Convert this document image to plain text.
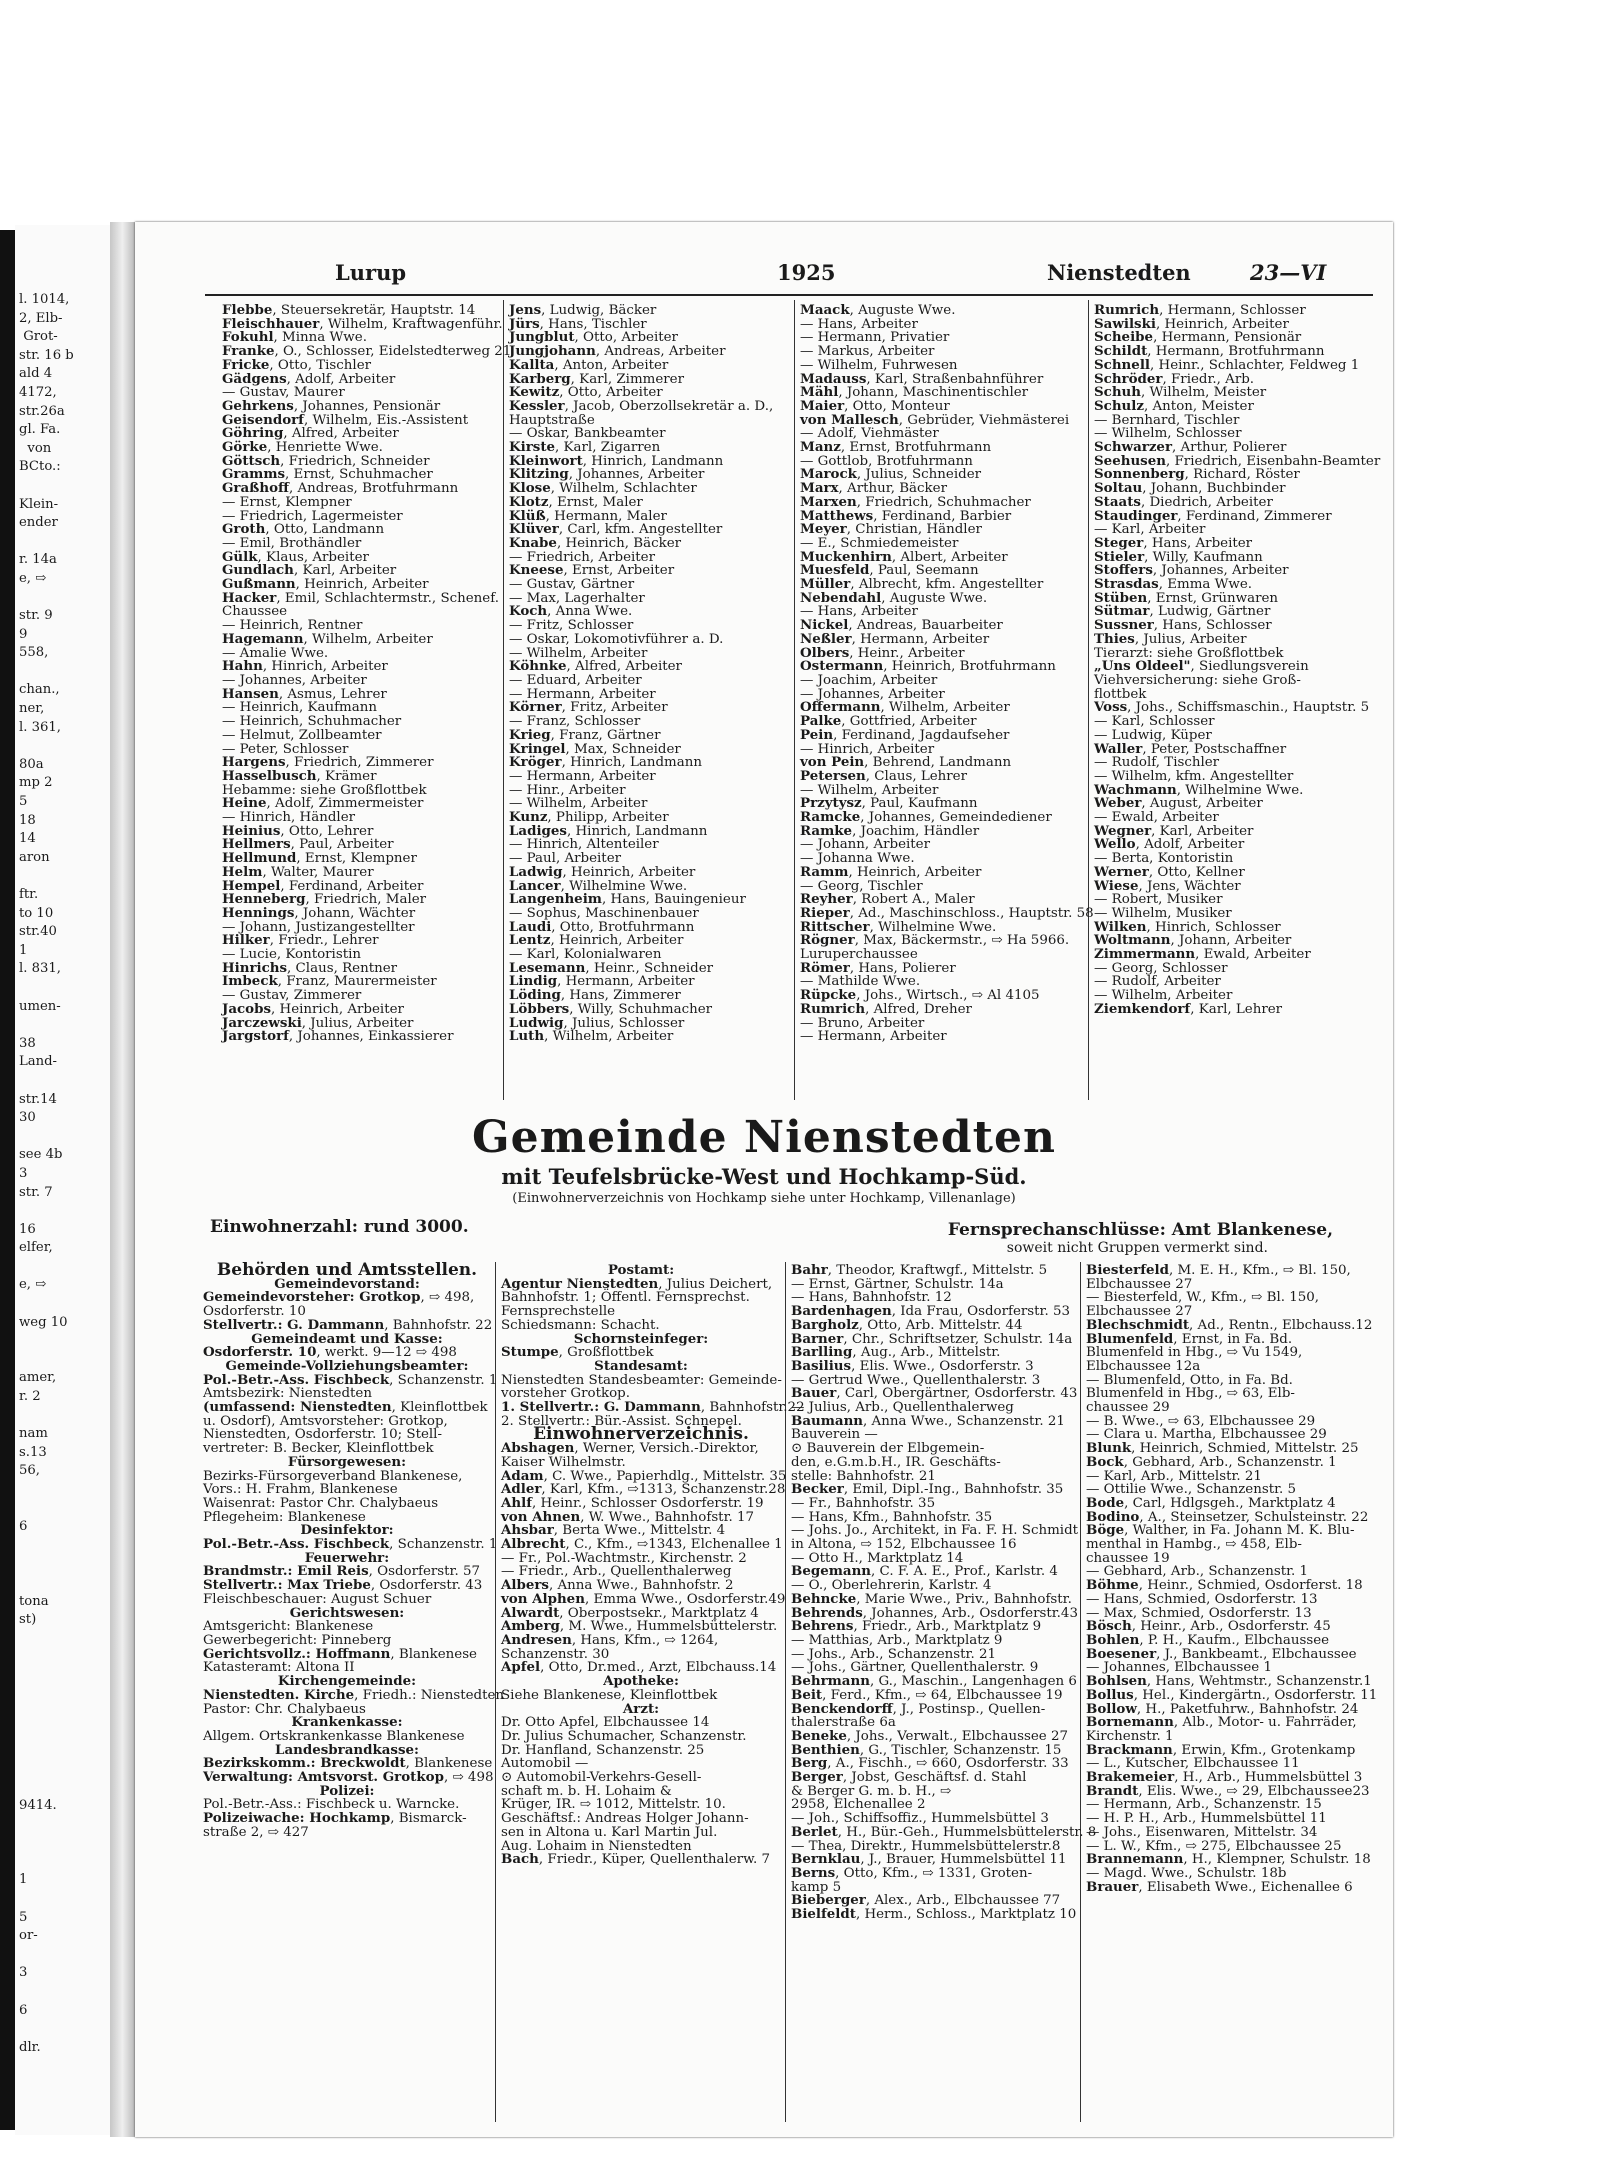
l. 1014,
2, Elb-
Grot-
str. 16 b
ald 4
4172,
str.26a
gl. Fa.
von
BCto.:

Klein-
ender

r. 14a
e, ⇨

str. 9
9
558,

chan.,
ner,
l. 361,

80a
mp 2
5
18
14
aron

ftr.
to 10
str.40
1
l. 831,

umen-

38
Land-

str.14
30

see 4b
3
str. 7

16
elfer,

e, ⇨

weg 10

amer,
r. 2

nam
s.13
56,

6

tona
st)

9414.

1

5
or-

3

6

dlr.
Lurup	1925	Nienstedten	23—VI
Flebbe, Steuersekretär, Hauptstr. 14
Fleischhauer, Wilhelm, Kraftwagenführ.
Fokuhl, Minna Wwe.
Franke, O., Schlosser, Eidelstedterweg 21
Fricke, Otto, Tischler
Gädgens, Adolf, Arbeiter
— Gustav, Maurer
Gehrkens, Johannes, Pensionär
Geisendorf, Wilhelm, Eis.-Assistent
Göhring, Alfred, Arbeiter
Görke, Henriette Wwe.
Göttsch, Friedrich, Schneider
Gramms, Ernst, Schuhmacher
Graßhoff, Andreas, Brotfuhrmann
— Ernst, Klempner
— Friedrich, Lagermeister
Groth, Otto, Landmann
— Emil, Brothändler
Gülk, Klaus, Arbeiter
Gundlach, Karl, Arbeiter
Gußmann, Heinrich, Arbeiter
Hacker, Emil, Schlachtermstr., Schenef.
Chaussee
— Heinrich, Rentner
Hagemann, Wilhelm, Arbeiter
— Amalie Wwe.
Hahn, Hinrich, Arbeiter
— Johannes, Arbeiter
Hansen, Asmus, Lehrer
— Heinrich, Kaufmann
— Heinrich, Schuhmacher
— Helmut, Zollbeamter
— Peter, Schlosser
Hargens, Friedrich, Zimmerer
Hasselbusch, Krämer
Hebamme: siehe Großflottbek
Heine, Adolf, Zimmermeister
— Hinrich, Händler
Heinius, Otto, Lehrer
Hellmers, Paul, Arbeiter
Hellmund, Ernst, Klempner
Helm, Walter, Maurer
Hempel, Ferdinand, Arbeiter
Henneberg, Friedrich, Maler
Hennings, Johann, Wächter
— Johann, Justizangestellter
Hilker, Friedr., Lehrer
— Lucie, Kontoristin
Hinrichs, Claus, Rentner
Imbeck, Franz, Maurermeister
— Gustav, Zimmerer
Jacobs, Heinrich, Arbeiter
Jarczewski, Julius, Arbeiter
Jargstorf, Johannes, Einkassierer
Jens, Ludwig, Bäcker
Jürs, Hans, Tischler
Jungblut, Otto, Arbeiter
Jungjohann, Andreas, Arbeiter
Kallta, Anton, Arbeiter
Karberg, Karl, Zimmerer
Kewitz, Otto, Arbeiter
Kessler, Jacob, Oberzollsekretär a. D.,
Hauptstraße
— Oskar, Bankbeamter
Kirste, Karl, Zigarren
Kleinwort, Hinrich, Landmann
Klitzing, Johannes, Arbeiter
Klose, Wilhelm, Schlachter
Klotz, Ernst, Maler
Klüß, Hermann, Maler
Klüver, Carl, kfm. Angestellter
Knabe, Heinrich, Bäcker
— Friedrich, Arbeiter
Kneese, Ernst, Arbeiter
— Gustav, Gärtner
— Max, Lagerhalter
Koch, Anna Wwe.
— Fritz, Schlosser
— Oskar, Lokomotivführer a. D.
— Wilhelm, Arbeiter
Köhnke, Alfred, Arbeiter
— Eduard, Arbeiter
— Hermann, Arbeiter
Körner, Fritz, Arbeiter
— Franz, Schlosser
Krieg, Franz, Gärtner
Kringel, Max, Schneider
Kröger, Hinrich, Landmann
— Hermann, Arbeiter
— Hinr., Arbeiter
— Wilhelm, Arbeiter
Kunz, Philipp, Arbeiter
Ladiges, Hinrich, Landmann
— Hinrich, Altenteiler
— Paul, Arbeiter
Ladwig, Heinrich, Arbeiter
Lancer, Wilhelmine Wwe.
Langenheim, Hans, Bauingenieur
— Sophus, Maschinenbauer
Laudi, Otto, Brotfuhrmann
Lentz, Heinrich, Arbeiter
— Karl, Kolonialwaren
Lesemann, Heinr., Schneider
Lindig, Hermann, Arbeiter
Löding, Hans, Zimmerer
Löbbers, Willy, Schuhmacher
Ludwig, Julius, Schlosser
Luth, Wilhelm, Arbeiter
Maack, Auguste Wwe.
— Hans, Arbeiter
— Hermann, Privatier
— Markus, Arbeiter
— Wilhelm, Fuhrwesen
Madauss, Karl, Straßenbahnführer
Mähl, Johann, Maschinentischler
Maier, Otto, Monteur
von Mallesch, Gebrüder, Viehmästerei
— Adolf, Viehmäster
Manz, Ernst, Brotfuhrmann
— Gottlob, Brotfuhrmann
Marock, Julius, Schneider
Marx, Arthur, Bäcker
Marxen, Friedrich, Schuhmacher
Matthews, Ferdinand, Barbier
Meyer, Christian, Händler
— E., Schmiedemeister
Muckenhirn, Albert, Arbeiter
Muesfeld, Paul, Seemann
Müller, Albrecht, kfm. Angestellter
Nebendahl, Auguste Wwe.
— Hans, Arbeiter
Nickel, Andreas, Bauarbeiter
Neßler, Hermann, Arbeiter
Olbers, Heinr., Arbeiter
Ostermann, Heinrich, Brotfuhrmann
— Joachim, Arbeiter
— Johannes, Arbeiter
Offermann, Wilhelm, Arbeiter
Palke, Gottfried, Arbeiter
Pein, Ferdinand, Jagdaufseher
— Hinrich, Arbeiter
von Pein, Behrend, Landmann
Petersen, Claus, Lehrer
— Wilhelm, Arbeiter
Przytysz, Paul, Kaufmann
Ramcke, Johannes, Gemeindediener
Ramke, Joachim, Händler
— Johann, Arbeiter
— Johanna Wwe.
Ramm, Heinrich, Arbeiter
— Georg, Tischler
Reyher, Robert A., Maler
Rieper, Ad., Maschinschloss., Hauptstr. 58
Rittscher, Wilhelmine Wwe.
Rögner, Max, Bäckermstr., ⇨ Ha 5966.
Luruperchaussee
Römer, Hans, Polierer
— Mathilde Wwe.
Rüpcke, Johs., Wirtsch., ⇨ Al 4105
Rumrich, Alfred, Dreher
— Bruno, Arbeiter
— Hermann, Arbeiter
Rumrich, Hermann, Schlosser
Sawilski, Heinrich, Arbeiter
Scheibe, Hermann, Pensionär
Schildt, Hermann, Brotfuhrmann
Schnell, Heinr., Schlachter, Feldweg 1
Schröder, Friedr., Arb.
Schuh, Wilhelm, Meister
Schulz, Anton, Meister
— Bernhard, Tischler
— Wilhelm, Schlosser
Schwarzer, Arthur, Polierer
Seehusen, Friedrich, Eisenbahn-Beamter
Sonnenberg, Richard, Röster
Soltau, Johann, Buchbinder
Staats, Diedrich, Arbeiter
Staudinger, Ferdinand, Zimmerer
— Karl, Arbeiter
Steger, Hans, Arbeiter
Stieler, Willy, Kaufmann
Stoffers, Johannes, Arbeiter
Strasdas, Emma Wwe.
Stüben, Ernst, Grünwaren
Sütmar, Ludwig, Gärtner
Sussner, Hans, Schlosser
Thies, Julius, Arbeiter
Tierarzt: siehe Großflottbek
„Uns Oldeel", Siedlungsverein
Viehversicherung: siehe Groß-
flottbek
Voss, Johs., Schiffsmaschin., Hauptstr. 5
— Karl, Schlosser
— Ludwig, Küper
Waller, Peter, Postschaffner
— Rudolf, Tischler
— Wilhelm, kfm. Angestellter
Wachmann, Wilhelmine Wwe.
Weber, August, Arbeiter
— Ewald, Arbeiter
Wegner, Karl, Arbeiter
Wello, Adolf, Arbeiter
— Berta, Kontoristin
Werner, Otto, Kellner
Wiese, Jens, Wächter
— Robert, Musiker
— Wilhelm, Musiker
Wilken, Hinrich, Schlosser
Woltmann, Johann, Arbeiter
Zimmermann, Ewald, Arbeiter
— Georg, Schlosser
— Rudolf, Arbeiter
— Wilhelm, Arbeiter
Ziemkendorf, Karl, Lehrer
Gemeinde Nienstedten
mit Teufelsbrücke-West und Hochkamp-Süd.
(Einwohnerverzeichnis von Hochkamp siehe unter Hochkamp, Villenanlage)
Einwohnerzahl: rund 3000.	Fernsprechanschlüsse: Amt Blankenese,
soweit nicht Gruppen vermerkt sind.
Behörden und Amtsstellen.
Gemeindevorstand:
Gemeindevorsteher: Grotkop, ⇨ 498,
Osdorferstr. 10
Stellvertr.: G. Dammann, Bahnhofstr. 22
Gemeindeamt und Kasse:
Osdorferstr. 10, werkt. 9—12 ⇨ 498
Gemeinde-Vollziehungsbeamter:
Pol.-Betr.-Ass. Fischbeck, Schanzenstr. 1
Amtsbezirk: Nienstedten
(umfassend: Nienstedten, Kleinflottbek
u. Osdorf), Amtsvorsteher: Grotkop,
Nienstedten, Osdorferstr. 10; Stell-
vertreter: B. Becker, Kleinflottbek
Fürsorgewesen:
Bezirks-Fürsorgeverband Blankenese,
Vors.: H. Frahm, Blankenese
Waisenrat: Pastor Chr. Chalybaeus
Pflegeheim: Blankenese
Desinfektor:
Pol.-Betr.-Ass. Fischbeck, Schanzenstr. 1
Feuerwehr:
Brandmstr.: Emil Reis, Osdorferstr. 57
Stellvertr.: Max Triebe, Osdorferstr. 43
Fleischbeschauer: August Schuer
Gerichtswesen:
Amtsgericht: Blankenese
Gewerbegericht: Pinneberg
Gerichtsvollz.: Hoffmann, Blankenese
Katasteramt: Altona II
Kirchengemeinde:
Nienstedten. Kirche, Friedh.: Nienstedten
Pastor: Chr. Chalybaeus
Krankenkasse:
Allgem. Ortskrankenkasse Blankenese
Landesbrandkasse:
Bezirkskomm.: Breckwoldt, Blankenese
Verwaltung: Amtsvorst. Grotkop, ⇨ 498
Polizei:
Pol.-Betr.-Ass.: Fischbeck u. Warncke.
Polizeiwache: Hochkamp, Bismarck-
straße 2, ⇨ 427
Postamt:
Agentur Nienstedten, Julius Deichert,
Bahnhofstr. 1; Öffentl. Fernsprechst.
Fernsprechstelle
Schiedsmann: Schacht.
Schornsteinfeger:
Stumpe, Großflottbek
Standesamt:
Nienstedten Standesbeamter: Gemeinde-
vorsteher Grotkop.
1. Stellvertr.: G. Dammann, Bahnhofstr.22
2. Stellvertr.: Bür.-Assist. Schnepel.
Einwohnerverzeichnis.
Abshagen, Werner, Versich.-Direktor,
Kaiser Wilhelmstr.
Adam, C. Wwe., Papierhdlg., Mittelstr. 35
Adler, Karl, Kfm., ⇨1313, Schanzenstr.28
Ahlf, Heinr., Schlosser Osdorferstr. 19
von Ahnen, W. Wwe., Bahnhofstr. 17
Ahsbar, Berta Wwe., Mittelstr. 4
Albrecht, C., Kfm., ⇨1343, Elchenallee 1
— Fr., Pol.-Wachtmstr., Kirchenstr. 2
— Friedr., Arb., Quellenthalerweg
Albers, Anna Wwe., Bahnhofstr. 2
von Alphen, Emma Wwe., Osdorferstr.49
Alwardt, Oberpostsekr., Marktplatz 4
Amberg, M. Wwe., Hummelsbüttelerstr.
Andresen, Hans, Kfm., ⇨ 1264,
Schanzenstr. 30
Apfel, Otto, Dr.med., Arzt, Elbchauss.14
Apotheke:
Siehe Blankenese, Kleinflottbek
Arzt:
Dr. Otto Apfel, Elbchaussee 14
Dr. Julius Schumacher, Schanzenstr.
Dr. Hanfland, Schanzenstr. 25
Automobil —
⊙ Automobil-Verkehrs-Gesell-
schaft m. b. H. Lohaim &
Krüger, IR. ⇨ 1012, Mittelstr. 10.
Geschäftsf.: Andreas Holger Johann-
sen in Altona u. Karl Martin Jul.
Aug. Lohaim in Nienstedten
Bach, Friedr., Küper, Quellenthalerw. 7
Bahr, Theodor, Kraftwgf., Mittelstr. 5
— Ernst, Gärtner, Schulstr. 14a
— Hans, Bahnhofstr. 12
Bardenhagen, Ida Frau, Osdorferstr. 53
Bargholz, Otto, Arb. Mittelstr. 44
Barner, Chr., Schriftsetzer, Schulstr. 14a
Barlling, Aug., Arb., Mittelstr.
Basilius, Elis. Wwe., Osdorferstr. 3
— Gertrud Wwe., Quellenthalerstr. 3
Bauer, Carl, Obergärtner, Osdorferstr. 43
— Julius, Arb., Quellenthalerweg
Baumann, Anna Wwe., Schanzenstr. 21
Bauverein —
⊙ Bauverein der Elbgemein-
den, e.G.m.b.H., IR. Geschäfts-
stelle: Bahnhofstr. 21
Becker, Emil, Dipl.-Ing., Bahnhofstr. 35
— Fr., Bahnhofstr. 35
— Hans, Kfm., Bahnhofstr. 35
— Johs. Jo., Architekt, in Fa. F. H. Schmidt
in Altona, ⇨ 152, Elbchaussee 16
— Otto H., Marktplatz 14
Begemann, C. F. A. E., Prof., Karlstr. 4
— O., Oberlehrerin, Karlstr. 4
Behncke, Marie Wwe., Priv., Bahnhofstr.
Behrends, Johannes, Arb., Osdorferstr.43
Behrens, Friedr., Arb., Marktplatz 9
— Matthias, Arb., Marktplatz 9
— Johs., Arb., Schanzenstr. 21
— Johs., Gärtner, Quellenthalerstr. 9
Behrmann, G., Maschin., Langenhagen 6
Beit, Ferd., Kfm., ⇨ 64, Elbchaussee 19
Benckendorff, J., Postinsp., Quellen-
thalerstraße 6a
Beneke, Johs., Verwalt., Elbchaussee 27
Benthien, G., Tischler, Schanzenstr. 15
Berg, A., Fischh., ⇨ 660, Osdorferstr. 33
Berger, Jobst, Geschäftsf. d. Stahl
& Berger G. m. b. H., ⇨
2958, Elchenallee 2
— Joh., Schiffsoffiz., Hummelsbüttel 3
Berlet, H., Bür.-Geh., Hummelsbüttelerstr. 8
— Thea, Direktr., Hummelsbüttelerstr.8
Bernklau, J., Brauer, Hummelsbüttel 11
Berns, Otto, Kfm., ⇨ 1331, Groten-
kamp 5
Bieberger, Alex., Arb., Elbchaussee 77
Bielfeldt, Herm., Schloss., Marktplatz 10
Biesterfeld, M. E. H., Kfm., ⇨ Bl. 150,
Elbchaussee 27
— Biesterfeld, W., Kfm., ⇨ Bl. 150,
Elbchaussee 27
Blechschmidt, Ad., Rentn., Elbchauss.12
Blumenfeld, Ernst, in Fa. Bd.
Blumenfeld in Hbg., ⇨ Vu 1549,
Elbchaussee 12a
— Blumenfeld, Otto, in Fa. Bd.
Blumenfeld in Hbg., ⇨ 63, Elb-
chaussee 29
— B. Wwe., ⇨ 63, Elbchaussee 29
— Clara u. Martha, Elbchaussee 29
Blunk, Heinrich, Schmied, Mittelstr. 25
Bock, Gebhard, Arb., Schanzenstr. 1
— Karl, Arb., Mittelstr. 21
— Ottilie Wwe., Schanzenstr. 5
Bode, Carl, Hdlgsgeh., Marktplatz 4
Bodino, A., Steinsetzer, Schulsteinstr. 22
Böge, Walther, in Fa. Johann M. K. Blu-
menthal in Hambg., ⇨ 458, Elb-
chaussee 19
— Gebhard, Arb., Schanzenstr. 1
Böhme, Heinr., Schmied, Osdorferst. 18
— Hans, Schmied, Osdorferstr. 13
— Max, Schmied, Osdorferstr. 13
Bösch, Heinr., Arb., Osdorferstr. 45
Bohlen, P. H., Kaufm., Elbchaussee
Boesener, J., Bankbeamt., Elbchaussee
— Johannes, Elbchaussee 1
Bohlsen, Hans, Wehtmstr., Schanzenstr.1
Bollus, Hel., Kindergärtn., Osdorferstr. 11
Bollow, H., Paketfuhrw., Bahnhofstr. 24
Bornemann, Alb., Motor- u. Fahrräder,
Kirchenstr. 1
Brackmann, Erwin, Kfm., Grotenkamp
— L., Kutscher, Elbchaussee 11
Brakemeier, H., Arb., Hummelsbüttel 3
Brandt, Elis. Wwe., ⇨ 29, Elbchaussee23
— Hermann, Arb., Schanzenstr. 15
— H. P. H., Arb., Hummelsbüttel 11
— Johs., Eisenwaren, Mittelstr. 34
— L. W., Kfm., ⇨ 275, Elbchaussee 25
Brannemann, H., Klempner, Schulstr. 18
— Magd. Wwe., Schulstr. 18b
Brauer, Elisabeth Wwe., Eichenallee 6
